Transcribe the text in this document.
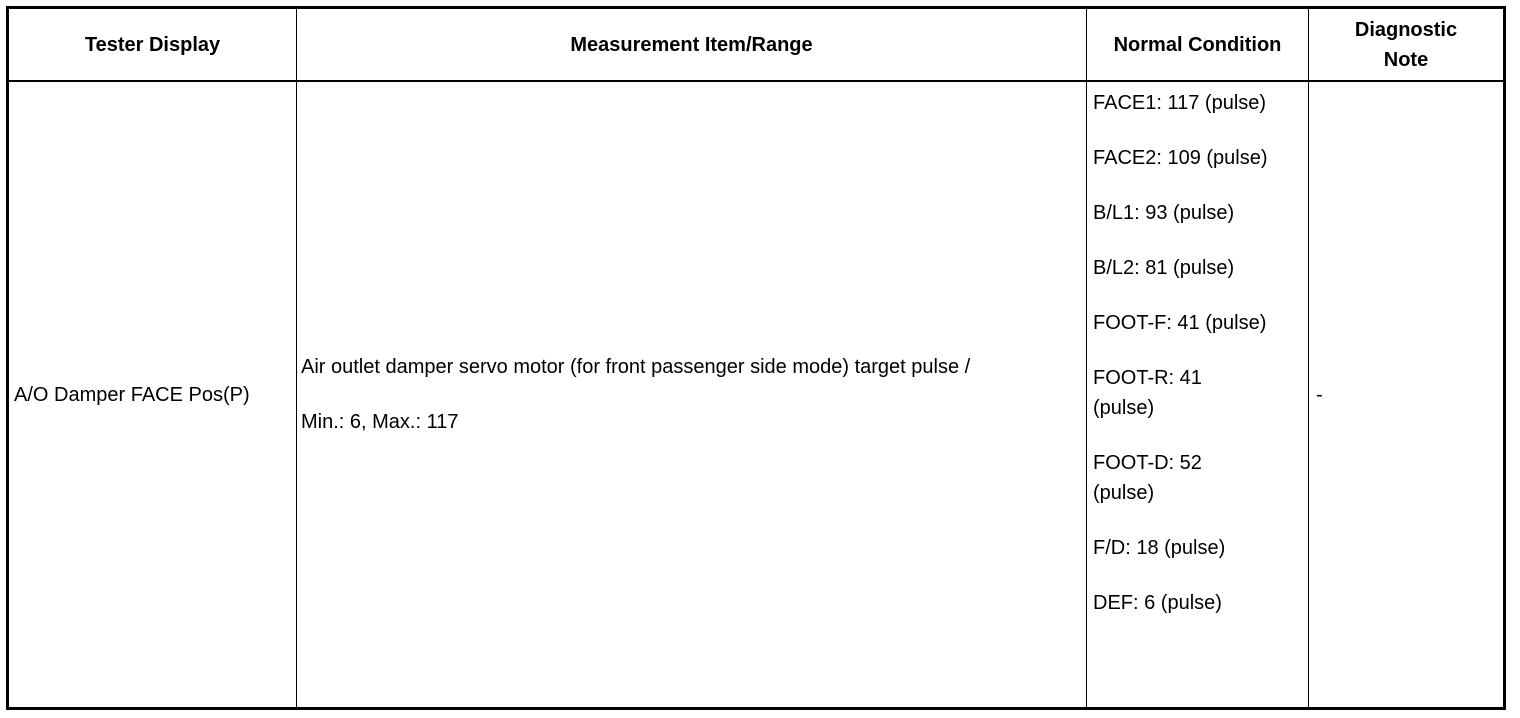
Tester Display	Measurement Item/Range	Normal Condition
Diagnostic Note
A/O Damper FACE Pos(P)
Air outlet damper servo motor (for front passenger side mode) target pulse /
Min.: 6, Max.: 117
FACE1: 117 (pulse)
FACE2: 109 (pulse)
B/L1: 93 (pulse)
B/L2: 81 (pulse)
FOOT-F: 41 (pulse)
FOOT-R: 41 (pulse)
FOOT-D: 52 (pulse)
F/D: 18 (pulse)
DEF: 6 (pulse)
-
